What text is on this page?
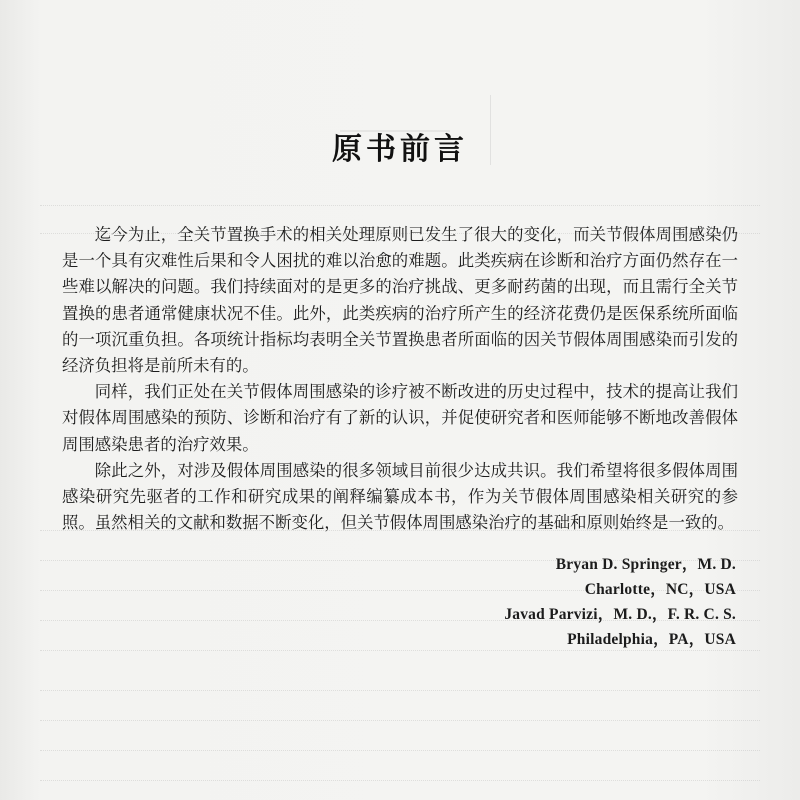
原书前言

迄今为止，全关节置换手术的相关处理原则已发生了很大的变化，而关节假体周围感染仍是一个具有灾难性后果和令人困扰的难以治愈的难题。此类疾病在诊断和治疗方面仍然存在一些难以解决的问题。我们持续面对的是更多的治疗挑战、更多耐药菌的出现，而且需行全关节置换的患者通常健康状况不佳。此外，此类疾病的治疗所产生的经济花费仍是医保系统所面临的一项沉重负担。各项统计指标均表明全关节置换患者所面临的因关节假体周围感染而引发的经济负担将是前所未有的。

同样，我们正处在关节假体周围感染的诊疗被不断改进的历史过程中，技术的提高让我们对假体周围感染的预防、诊断和治疗有了新的认识，并促使研究者和医师能够不断地改善假体周围感染患者的治疗效果。

除此之外，对涉及假体周围感染的很多领域目前很少达成共识。我们希望将很多假体周围感染研究先驱者的工作和研究成果的阐释编纂成本书，作为关节假体周围感染相关研究的参照。虽然相关的文献和数据不断变化，但关节假体周围感染治疗的基础和原则始终是一致的。

Bryan D. Springer，M. D.
Charlotte，NC，USA
Javad Parvizi，M. D.，F. R. C. S.
Philadelphia，PA，USA
